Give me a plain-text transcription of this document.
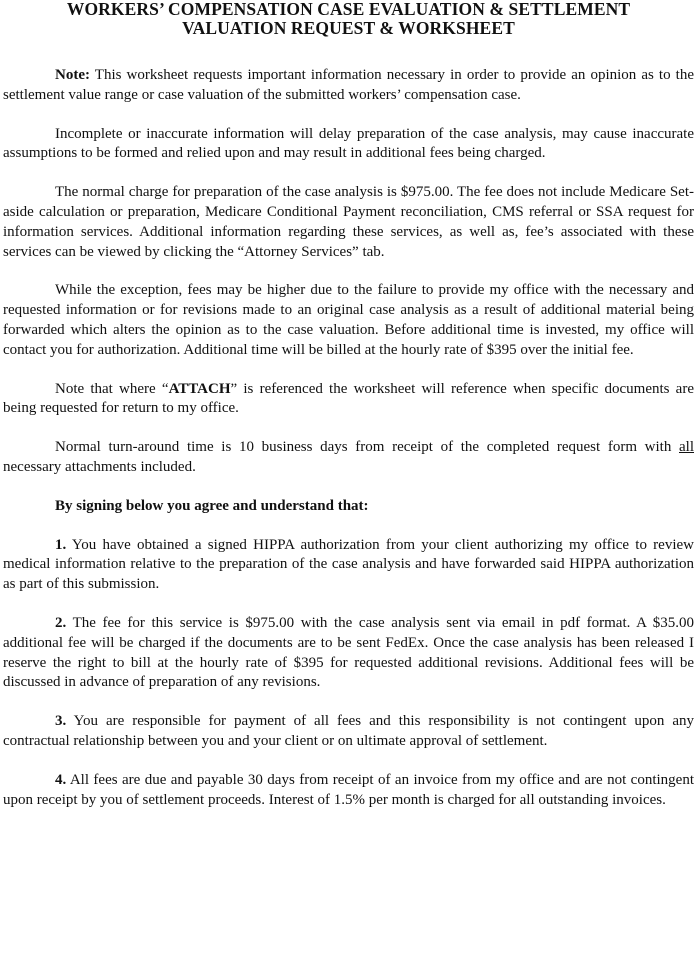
WORKERS’ COMPENSATION CASE EVALUATION & SETTLEMENT
VALUATION REQUEST & WORKSHEET

Note: This worksheet requests important information necessary in order to provide an opinion as to the settlement value range or case valuation of the submitted workers’ compensation case.

Incomplete or inaccurate information will delay preparation of the case analysis, may cause inaccurate assumptions to be formed and relied upon and may result in additional fees being charged.

The normal charge for preparation of the case analysis is $975.00. The fee does not include Medicare Set-aside calculation or preparation, Medicare Conditional Payment reconciliation, CMS referral or SSA request for information services. Additional information regarding these services, as well as, fee’s associated with these services can be viewed by clicking the “Attorney Services” tab.

While the exception, fees may be higher due to the failure to provide my office with the necessary and requested information or for revisions made to an original case analysis as a result of additional material being forwarded which alters the opinion as to the case valuation. Before additional time is invested, my office will contact you for authorization. Additional time will be billed at the hourly rate of $395 over the initial fee.

Note that where “ATTACH” is referenced the worksheet will reference when specific documents are being requested for return to my office.

Normal turn-around time is 10 business days from receipt of the completed request form with all necessary attachments included.

By signing below you agree and understand that:

1. You have obtained a signed HIPPA authorization from your client authorizing my office to review medical information relative to the preparation of the case analysis and have forwarded said HIPPA authorization as part of this submission.

2. The fee for this service is $975.00 with the case analysis sent via email in pdf format. A $35.00 additional fee will be charged if the documents are to be sent FedEx. Once the case analysis has been released I reserve the right to bill at the hourly rate of $395 for requested additional revisions. Additional fees will be discussed in advance of preparation of any revisions.

3. You are responsible for payment of all fees and this responsibility is not contingent upon any contractual relationship between you and your client or on ultimate approval of settlement.

4. All fees are due and payable 30 days from receipt of an invoice from my office and are not contingent upon receipt by you of settlement proceeds. Interest of 1.5% per month is charged for all outstanding invoices.
